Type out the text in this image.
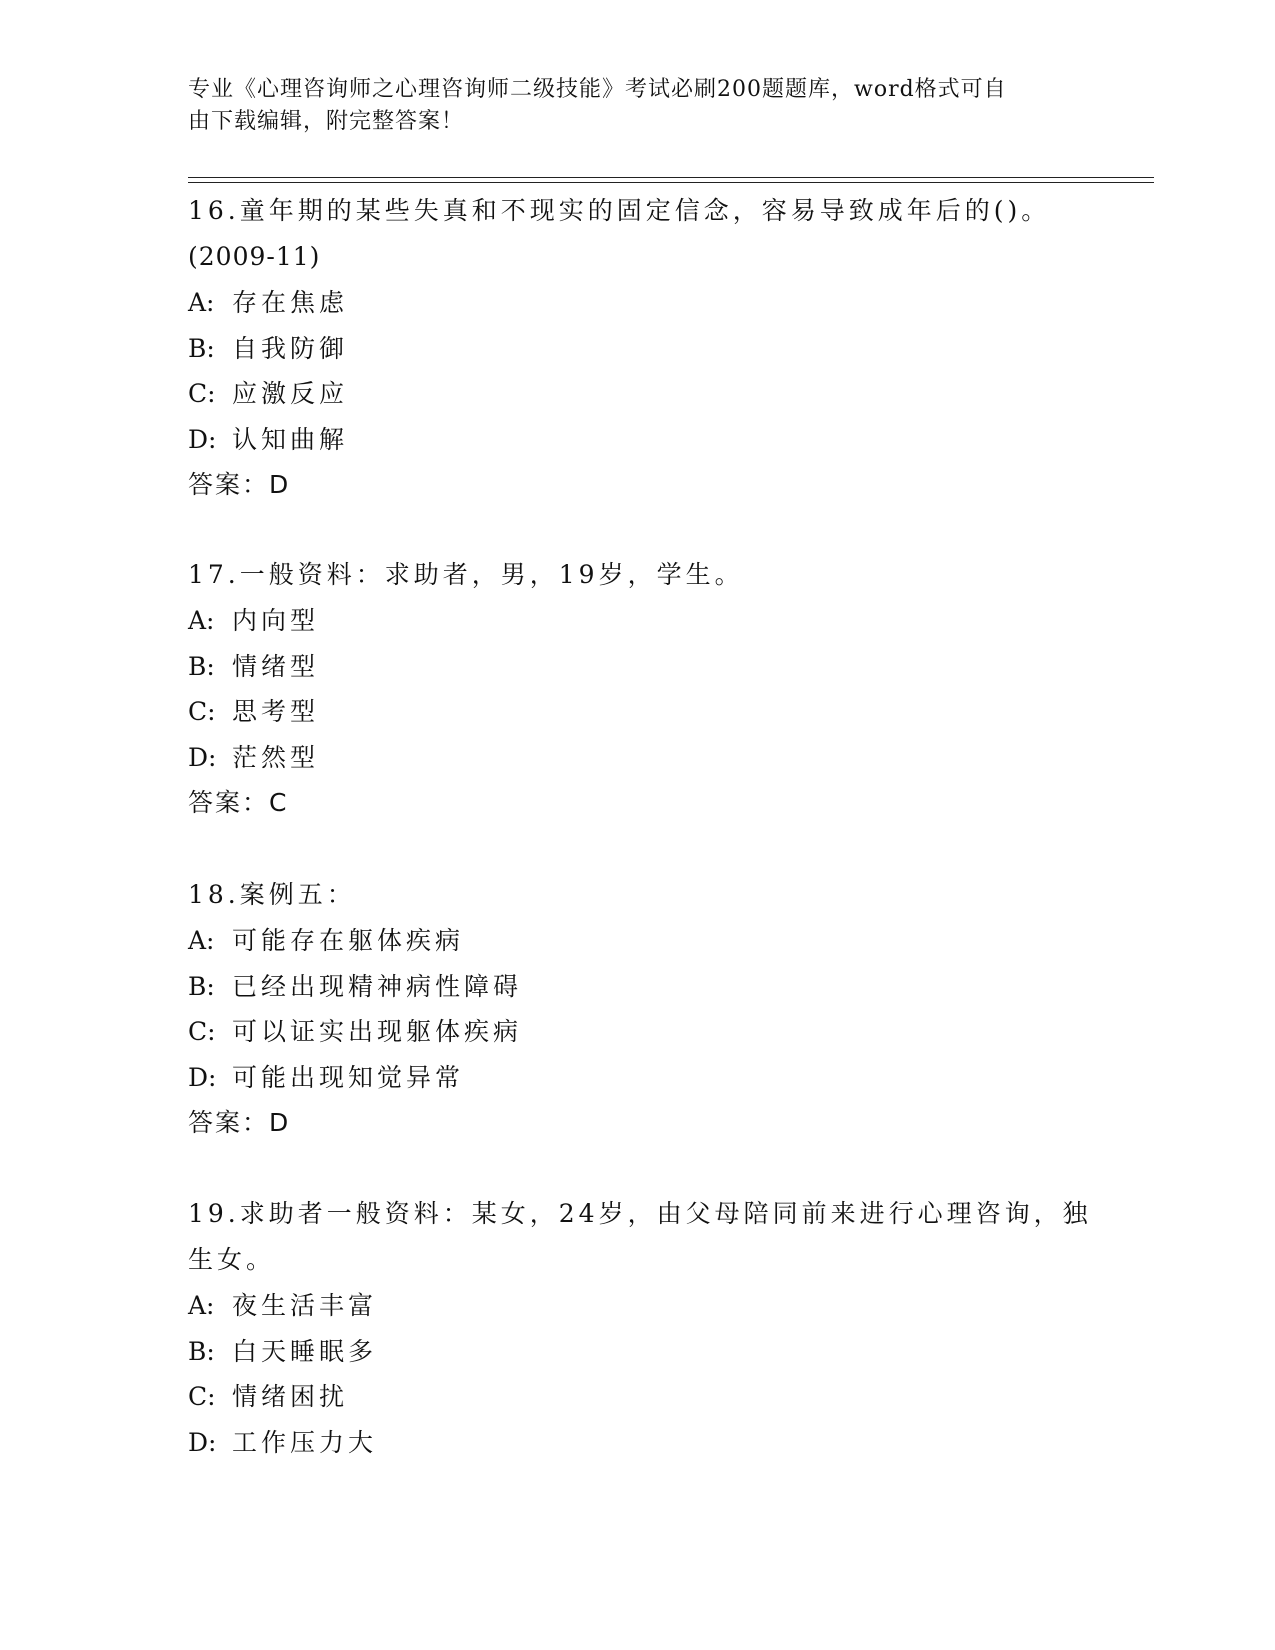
专业《心理咨询师之心理咨询师二级技能》考试必刷200题题库，word格式可自
由下载编辑，附完整答案！
16.童年期的某些失真和不现实的固定信念，容易导致成年后的()。
(2009-11)
A: 存在焦虑
B: 自我防御
C: 应激反应
D: 认知曲解
答案：D
17.一般资料：求助者，男，19岁，学生。
A: 内向型
B: 情绪型
C: 思考型
D: 茫然型
答案：C
18.案例五：
A: 可能存在躯体疾病
B: 已经出现精神病性障碍
C: 可以证实出现躯体疾病
D: 可能出现知觉异常
答案：D
19.求助者一般资料：某女，24岁，由父母陪同前来进行心理咨询，独
生女。
A: 夜生活丰富
B: 白天睡眠多
C: 情绪困扰
D: 工作压力大
